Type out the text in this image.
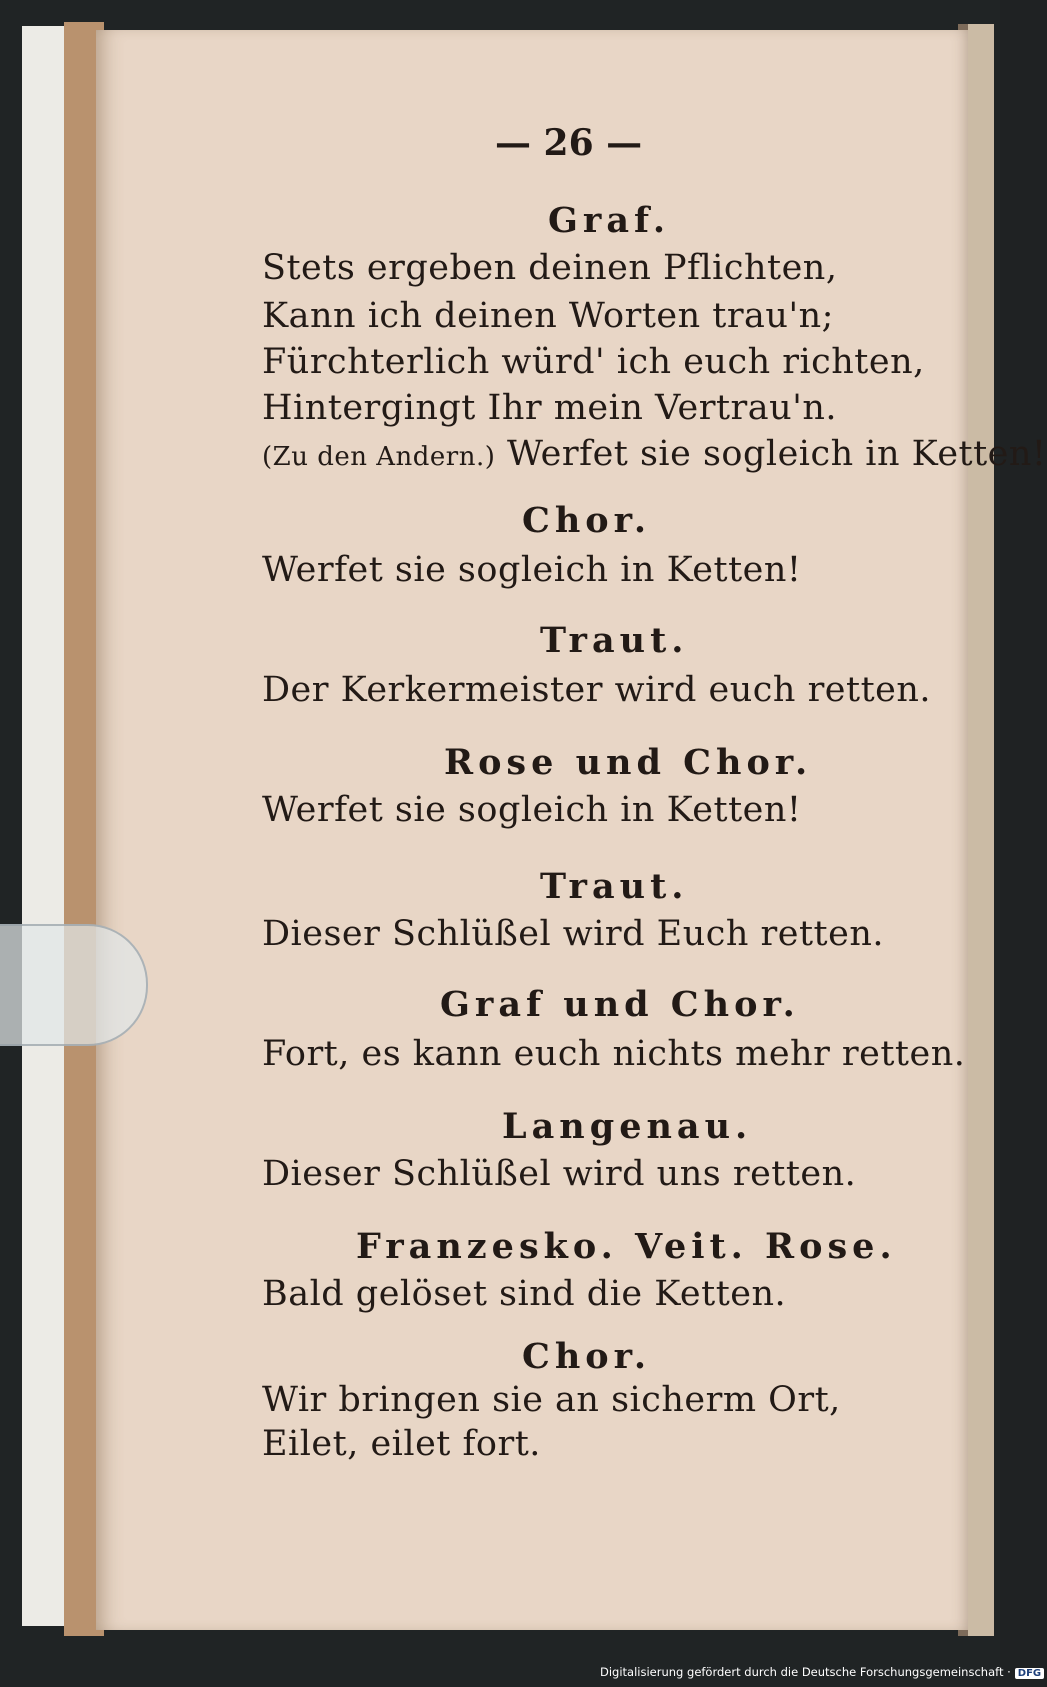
— 26 —
Graf.
Stets ergeben deinen Pflichten,
Kann ich deinen Worten trau'n;
Fürchterlich würd' ich euch richten,
Hintergingt Ihr mein Vertrau'n.
(Zu den Andern.) Werfet sie sogleich in Ketten!
Chor.
Werfet sie sogleich in Ketten!
Traut.
Der Kerkermeister wird euch retten.
Rose und Chor.
Werfet sie sogleich in Ketten!
Traut.
Dieser Schlüßel wird Euch retten.
Graf und Chor.
Fort, es kann euch nichts mehr retten.
Langenau.
Dieser Schlüßel wird uns retten.
Franzesko. Veit. Rose.
Bald gelöset sind die Ketten.
Chor.
Wir bringen sie an sicherm Ort,
Eilet, eilet fort.
Digitalisierung gefördert durch die Deutsche Forschungsgemeinschaft · DFG
